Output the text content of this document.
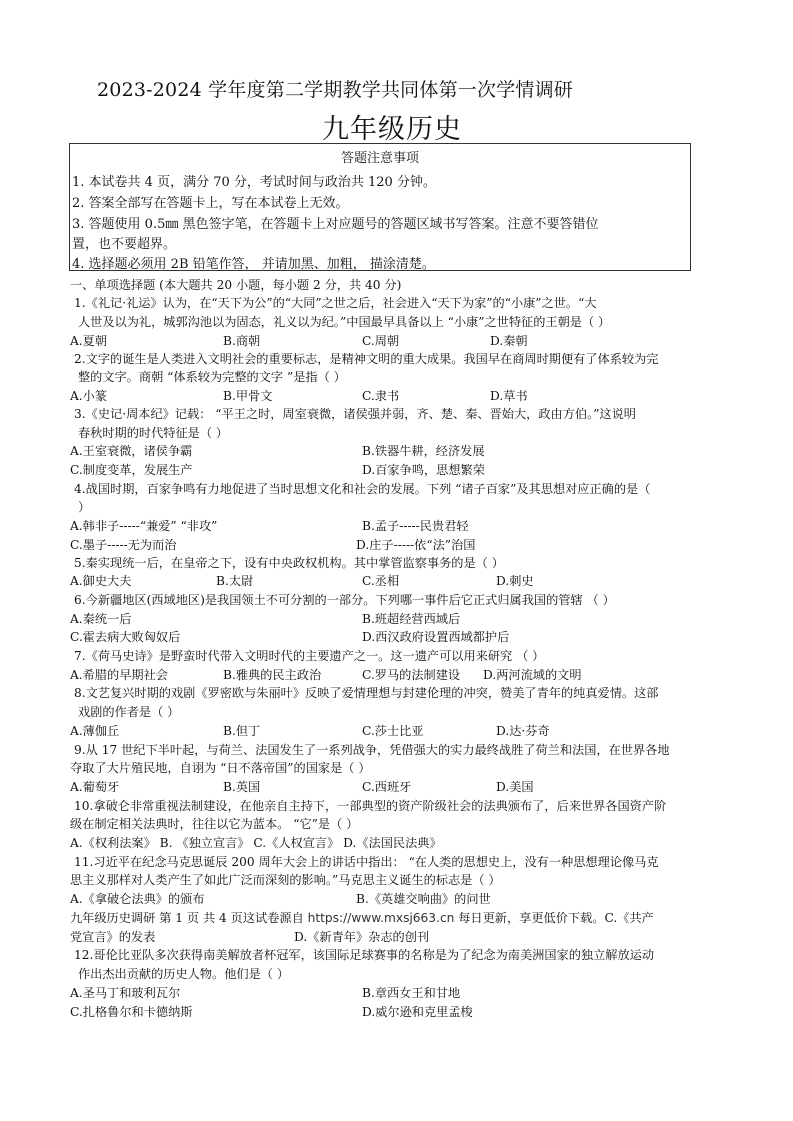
2023-2024 学年度第二学期教学共同体第一次学情调研
九年级历史
答题注意事项
1. 本试卷共 4 页，满分 70 分，考试时间与政治共 120 分钟。
2. 答案全部写在答题卡上，写在本试卷上无效。
3. 答题使用 0.5㎜ 黑色签字笔，在答题卡上对应题号的答题区域书写答案。注意不要答错位
置，也不要超界。
4. 选择题必须用 2B 铅笔作答， 并请加黑、加粗， 描涂清楚。
一、单项选择题 (本大题共 20 小题，每小题 2 分，共 40 分)
1.《礼记·礼运》认为，在“天下为公”的“大同”之世之后，社会进入“天下为家”的“小康”之世。“大
人世及以为礼，城郭沟池以为固态，礼义以为纪。”中国最早具备以上 “小康”之世特征的王朝是（ ）
A.夏朝	B.商朝	C.周朝	D.秦朝
2.文字的诞生是人类进入文明社会的重要标志，是精神文明的重大成果。我国早在商周时期便有了体系较为完
整的文字。商朝 “体系较为完整的文字 ”是指（ ）
A.小篆	B.甲骨文	C.隶书	D.草书
3.《史记·周本纪》记载： “平王之时，周室衰微，诸侯强并弱，齐、楚、秦、晋始大，政由方伯。”这说明
春秋时期的时代特征是（ ）
A.王室衰微，诸侯争霸	B.铁器牛耕，经济发展
C.制度变革，发展生产	D.百家争鸣，思想繁荣
4.战国时期，百家争鸣有力地促进了当时思想文化和社会的发展。下列 “诸子百家”及其思想对应正确的是（
）
A.韩非子-----“兼爱” “非攻”	B.孟子-----民贵君轻
C.墨子-----无为而治	D.庄子-----依“法”治国
5.秦实现统一后，在皇帝之下，设有中央政权机构。其中掌管监察事务的是（ ）
A.御史大夫	B.太尉	C.丞相	D.刺史
6.今新疆地区(西域地区)是我国领土不可分割的一部分。下列哪一事件后它正式归属我国的管辖 （ ）
A.秦统一后	B.班超经营西域后
C.霍去病大败匈奴后	D.西汉政府设置西域都护后
7.《荷马史诗》是野蛮时代带入文明时代的主要遗产之一。这一遗产可以用来研究 （ ）
A.希腊的早期社会	B.雅典的民主政治	C.罗马的法制建设 D.两河流域的文明
8.文艺复兴时期的戏剧《罗密欧与朱丽叶》反映了爱情理想与封建伦理的冲突，赞美了青年的纯真爱情。这部
戏剧的作者是（ ）
A.薄伽丘	B.但丁	C.莎士比亚	D.达·芬奇
9.从 17 世纪下半叶起，与荷兰、法国发生了一系列战争，凭借强大的实力最终战胜了荷兰和法国，在世界各地
夺取了大片殖民地，自诩为 “日不落帝国”的国家是（ ）
A.葡萄牙	B.英国	C.西班牙	D.美国
10.拿破仑非常重视法制建设，在他亲自主持下，一部典型的资产阶级社会的法典颁布了，后来世界各国资产阶
级在制定相关法典时，往往以它为蓝本。 “它”是（ ）
A.《权利法案》 B. 《独立宣言》 C.《人权宣言》 D.《法国民法典》
11.习近平在纪念马克思诞辰 200 周年大会上的讲话中指出： “在人类的思想史上，没有一种思想理论像马克
思主义那样对人类产生了如此广泛而深刻的影响。”马克思主义诞生的标志是（ ）
A.《拿破仑法典》的颁布	B.《英雄交响曲》的问世
九年级历史调研 第 1 页 共 4 页这试卷源自 https://www.mxsj663.cn 每日更新，享更低价下载。C.《共产
党宣言》的发表	D.《新青年》杂志的创刊
12.哥伦比亚队多次获得南美解放者杯冠军，该国际足球赛事的名称是为了纪念为南美洲国家的独立解放运动
作出杰出贡献的历史人物。他们是（ ）
A.圣马丁和玻利瓦尔	B.章西女王和甘地
C.扎格鲁尔和卡德纳斯	D.威尔逊和克里孟梭
